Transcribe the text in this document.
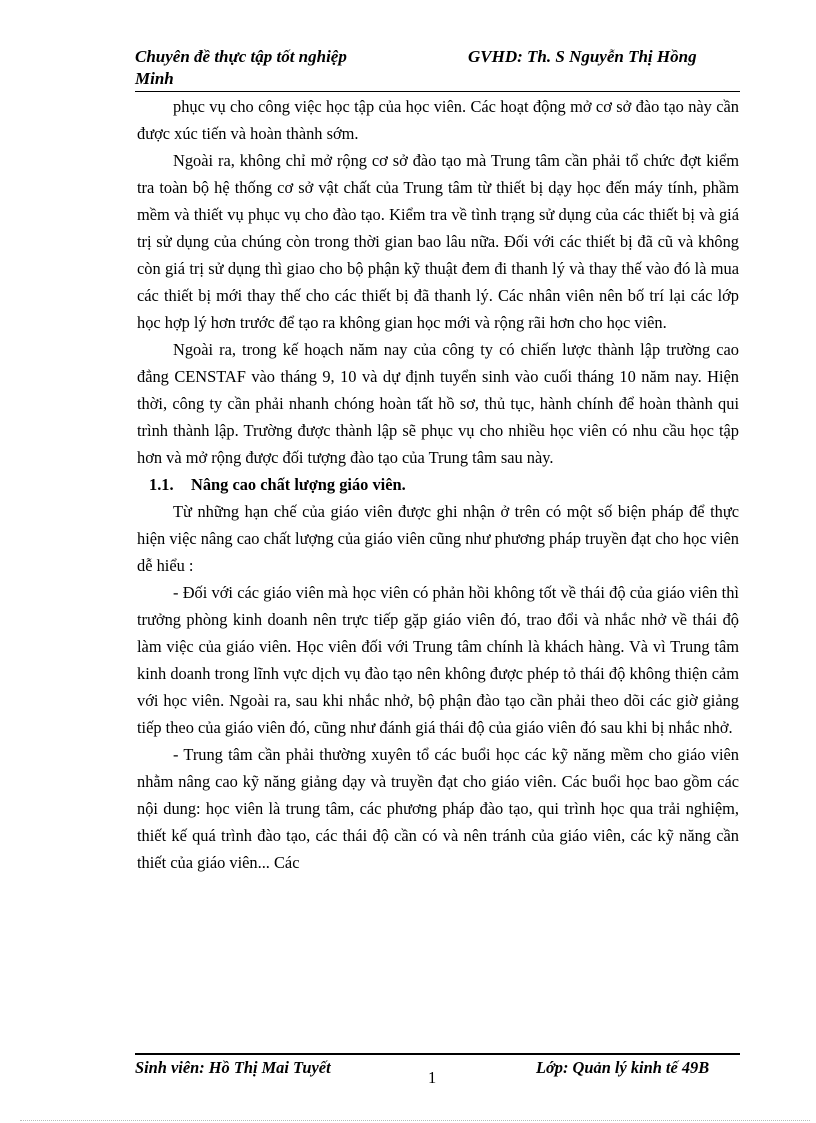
Chuyên đề thực tập tốt nghiệp
Minh
GVHD: Th. S Nguyễn Thị Hồng

phục vụ cho công việc học tập của học viên. Các hoạt động mở cơ sở đào tạo này cần được xúc tiến và hoàn thành sớm.

Ngoài ra, không chỉ mở rộng cơ sở đào tạo mà Trung tâm cần phải tổ chức đợt kiểm tra toàn bộ hệ thống cơ sở vật chất của Trung tâm từ thiết bị dạy học đến máy tính, phầm mềm và thiết vụ phục vụ cho đào tạo. Kiểm tra về tình trạng sử dụng của các thiết bị và giá trị sử dụng của chúng còn trong thời gian bao lâu nữa. Đối với các thiết bị đã cũ và không còn giá trị sử dụng thì giao cho bộ phận kỹ thuật đem đi thanh lý và thay thế vào đó là mua các thiết bị mới thay thế cho các thiết bị đã thanh lý. Các nhân viên nên bố trí lại các lớp học hợp lý hơn trước để tạo ra không gian học mới và rộng rãi hơn cho học viên.

Ngoài ra, trong kế hoạch năm nay của công ty có chiến lược thành lập trường cao đẳng CENSTAF vào tháng 9, 10 và dự định tuyển sinh vào cuối tháng 10 năm nay. Hiện thời, công ty cần phải nhanh chóng hoàn tất hồ sơ, thủ tục, hành chính để hoàn thành qui trình thành lập. Trường được thành lập sẽ phục vụ cho nhiều học viên có nhu cầu học tập hơn và mở rộng được đối tượng đào tạo của Trung tâm sau này.

1.1. Nâng cao chất lượng giáo viên.

Từ những hạn chế của giáo viên được ghi nhận ở trên có một số biện pháp để thực hiện việc nâng cao chất lượng của giáo viên cũng như phương pháp truyền đạt cho học viên dễ hiểu :

- Đối với các giáo viên mà học viên có phản hồi không tốt về thái độ của giáo viên thì trưởng phòng kinh doanh nên trực tiếp gặp giáo viên đó, trao đổi và nhắc nhở về thái độ làm việc của giáo viên. Học viên đối với Trung tâm chính là khách hàng. Và vì Trung tâm kinh doanh trong lĩnh vực dịch vụ đào tạo nên không được phép tỏ thái độ không thiện cảm với học viên. Ngoài ra, sau khi nhắc nhở, bộ phận đào tạo cần phải theo dõi các giờ giảng tiếp theo của giáo viên đó, cũng như đánh giá thái độ của giáo viên đó sau khi bị nhắc nhở.

- Trung tâm cần phải thường xuyên tổ các buổi học các kỹ năng mềm cho giáo viên nhằm nâng cao kỹ năng giảng dạy và truyền đạt cho giáo viên. Các buổi học bao gồm các nội dung: học viên là trung tâm, các phương pháp đào tạo, qui trình học qua trải nghiệm, thiết kế quá trình đào tạo, các thái độ cần có và nên tránh của giáo viên, các kỹ năng cần thiết của giáo viên... Các

Sinh viên: Hồ Thị Mai Tuyết
1
Lớp: Quản lý kinh tế 49B
